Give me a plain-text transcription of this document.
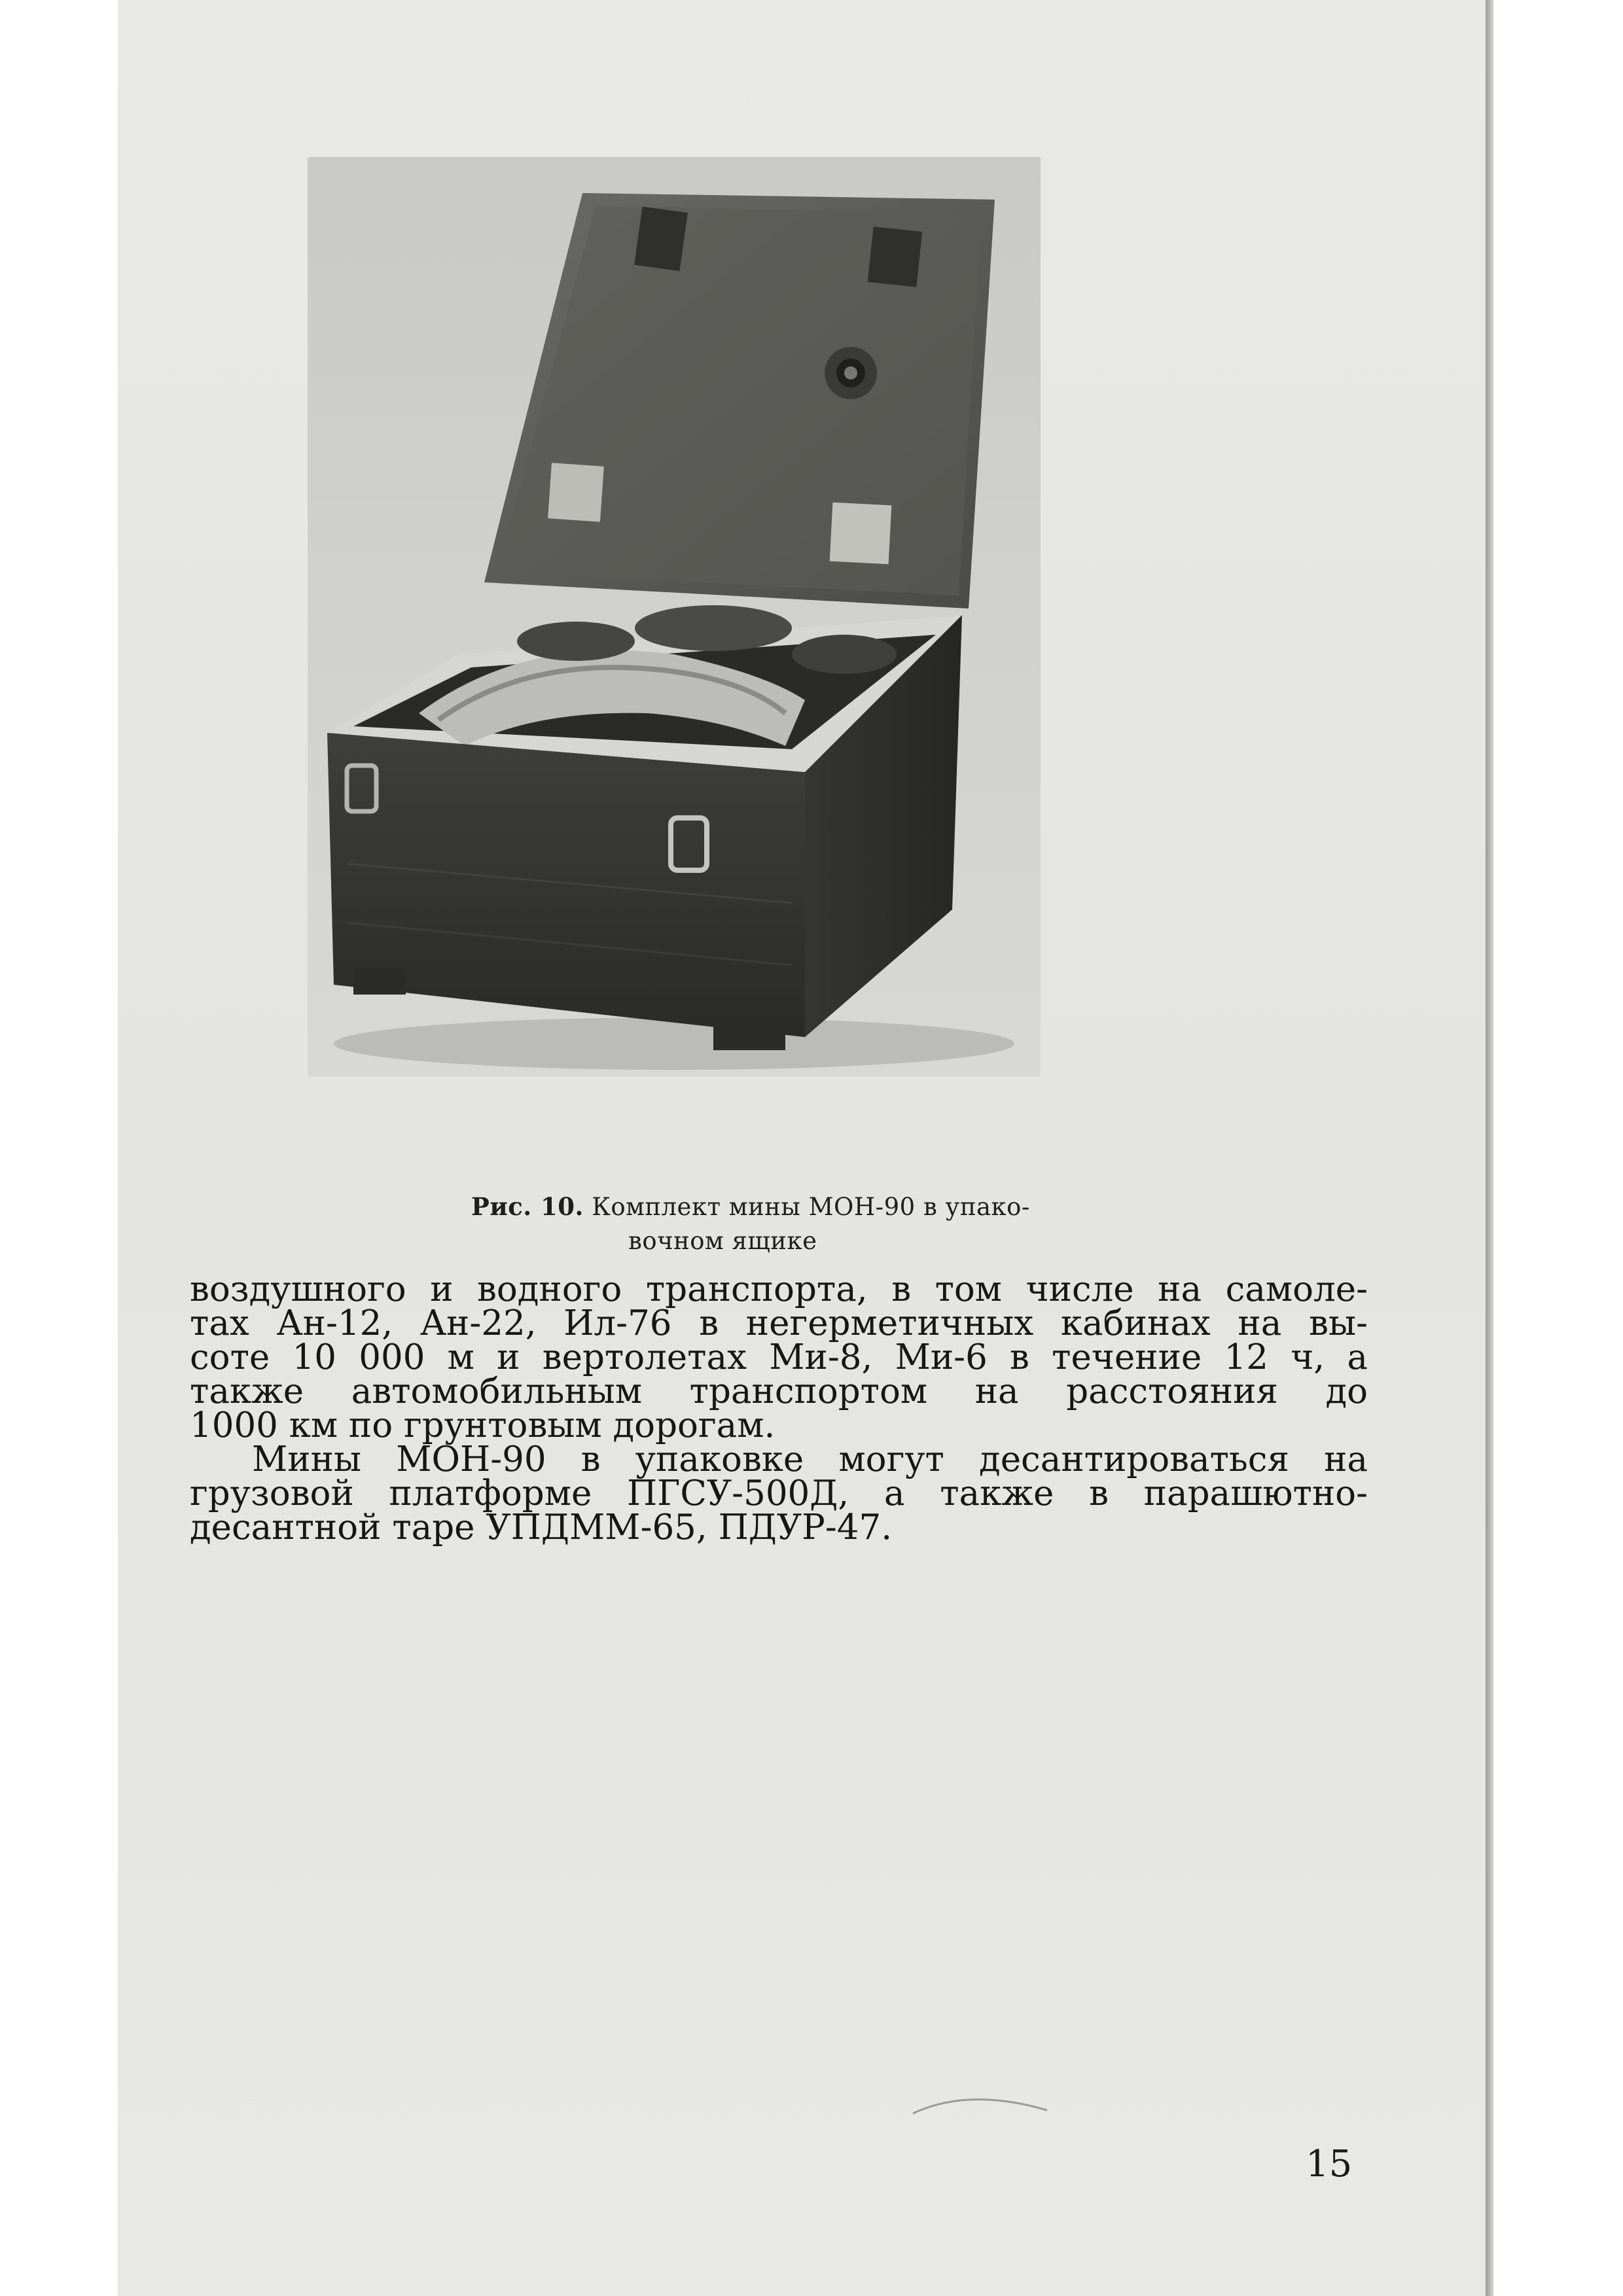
Рис. 10. Комплект мины МОН-90 в упако-
вочном ящике
воздушного и водного транспорта, в том числе на самоле-
тах Ан-12, Ан-22, Ил-76 в негерметичных кабинах на вы-
соте 10 000 м и вертолетах Ми-8, Ми-6 в течение 12 ч, а
также автомобильным транспортом на расстояния до
1000 км по грунтовым дорогам.
Мины МОН-90 в упаковке могут десантироваться на
грузовой платформе ПГСУ-500Д, а также в парашютно-
десантной таре УПДММ-65, ПДУР-47.
15
